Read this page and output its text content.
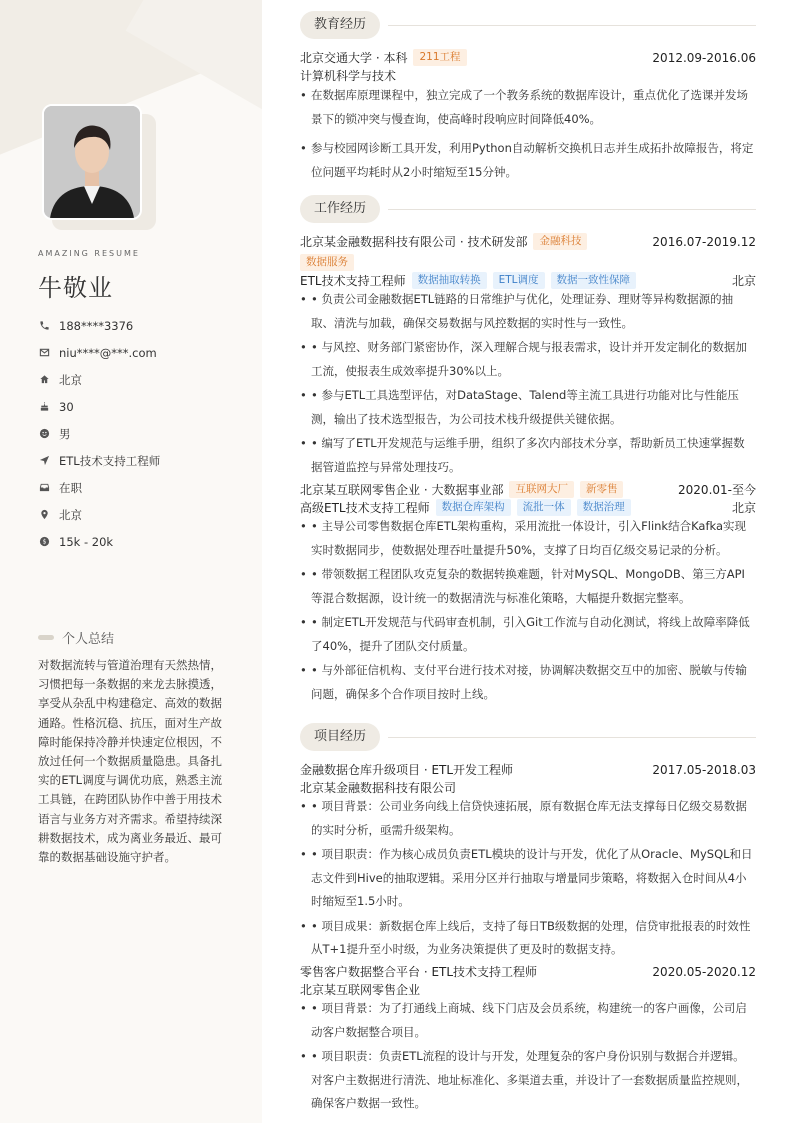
AMAZING RESUME
牛敬业
188****3376
niu****@***.com
北京
30
男
ETL技术支持工程师
在职
北京
$ 15k - 20k
个人总结
对数据流转与管道治理有天然热情，习惯把每一条数据的来龙去脉摸透，享受从杂乱中构建稳定、高效的数据通路。性格沉稳、抗压，面对生产故障时能保持冷静并快速定位根因，不放过任何一个数据质量隐患。具备扎实的ETL调度与调优功底，熟悉主流工具链，在跨团队协作中善于用技术语言与业务方对齐需求。希望持续深耕数据技术，成为离业务最近、最可靠的数据基础设施守护者。
教育经历
北京交通大学 · 本科	211工程	2012.09-2016.06
计算机科学与技术
• 在数据库原理课程中，独立完成了一个教务系统的数据库设计，重点优化了选课并发场景下的锁冲突与慢查询，使高峰时段响应时间降低40%。
• 参与校园网诊断工具开发，利用Python自动解析交换机日志并生成拓扑故障报告，将定位问题平均耗时从2小时缩短至15分钟。
工作经历
北京某金融数据科技有限公司 · 技术研发部	金融科技	2016.07-2019.12
数据服务
ETL技术支持工程师	数据抽取转换	ETL调度	数据一致性保障	北京
• • 负责公司金融数据ETL链路的日常维护与优化，处理证券、理财等异构数据源的抽取、清洗与加载，确保交易数据与风控数据的实时性与一致性。
• • 与风控、财务部门紧密协作，深入理解合规与报表需求，设计并开发定制化的数据加工流，使报表生成效率提升30%以上。
• • 参与ETL工具选型评估，对DataStage、Talend等主流工具进行功能对比与性能压测，输出了技术选型报告，为公司技术栈升级提供关键依据。
• • 编写了ETL开发规范与运维手册，组织了多次内部技术分享，帮助新员工快速掌握数据管道监控与异常处理技巧。
北京某互联网零售企业 · 大数据事业部	互联网大厂	新零售	2020.01-至今
高级ETL技术支持工程师	数据仓库架构	流批一体	数据治理	北京
• • 主导公司零售数据仓库ETL架构重构，采用流批一体设计，引入Flink结合Kafka实现实时数据同步，使数据处理吞吐量提升50%，支撑了日均百亿级交易记录的分析。
• • 带领数据工程团队攻克复杂的数据转换难题，针对MySQL、MongoDB、第三方API等混合数据源，设计统一的数据清洗与标准化策略，大幅提升数据完整率。
• • 制定ETL开发规范与代码审查机制，引入Git工作流与自动化测试，将线上故障率降低了40%，提升了团队交付质量。
• • 与外部征信机构、支付平台进行技术对接，协调解决数据交互中的加密、脱敏与传输问题，确保多个合作项目按时上线。
项目经历
金融数据仓库升级项目 · ETL开发工程师	2017.05-2018.03
北京某金融数据科技有限公司
• • 项目背景：公司业务向线上信贷快速拓展，原有数据仓库无法支撑每日亿级交易数据的实时分析，亟需升级架构。
• • 项目职责：作为核心成员负责ETL模块的设计与开发，优化了从Oracle、MySQL和日志文件到Hive的抽取逻辑。采用分区并行抽取与增量同步策略，将数据入仓时间从4小时缩短至1.5小时。
• • 项目成果：新数据仓库上线后，支持了每日TB级数据的处理，信贷审批报表的时效性从T+1提升至小时级，为业务决策提供了更及时的数据支持。
零售客户数据整合平台 · ETL技术支持工程师	2020.05-2020.12
北京某互联网零售企业
• • 项目背景：为了打通线上商城、线下门店及会员系统，构建统一的客户画像，公司启动客户数据整合项目。
• • 项目职责：负责ETL流程的设计与开发，处理复杂的客户身份识别与数据合并逻辑。对客户主数据进行清洗、地址标准化、多渠道去重，并设计了一套数据质量监控规则，确保客户数据一致性。
